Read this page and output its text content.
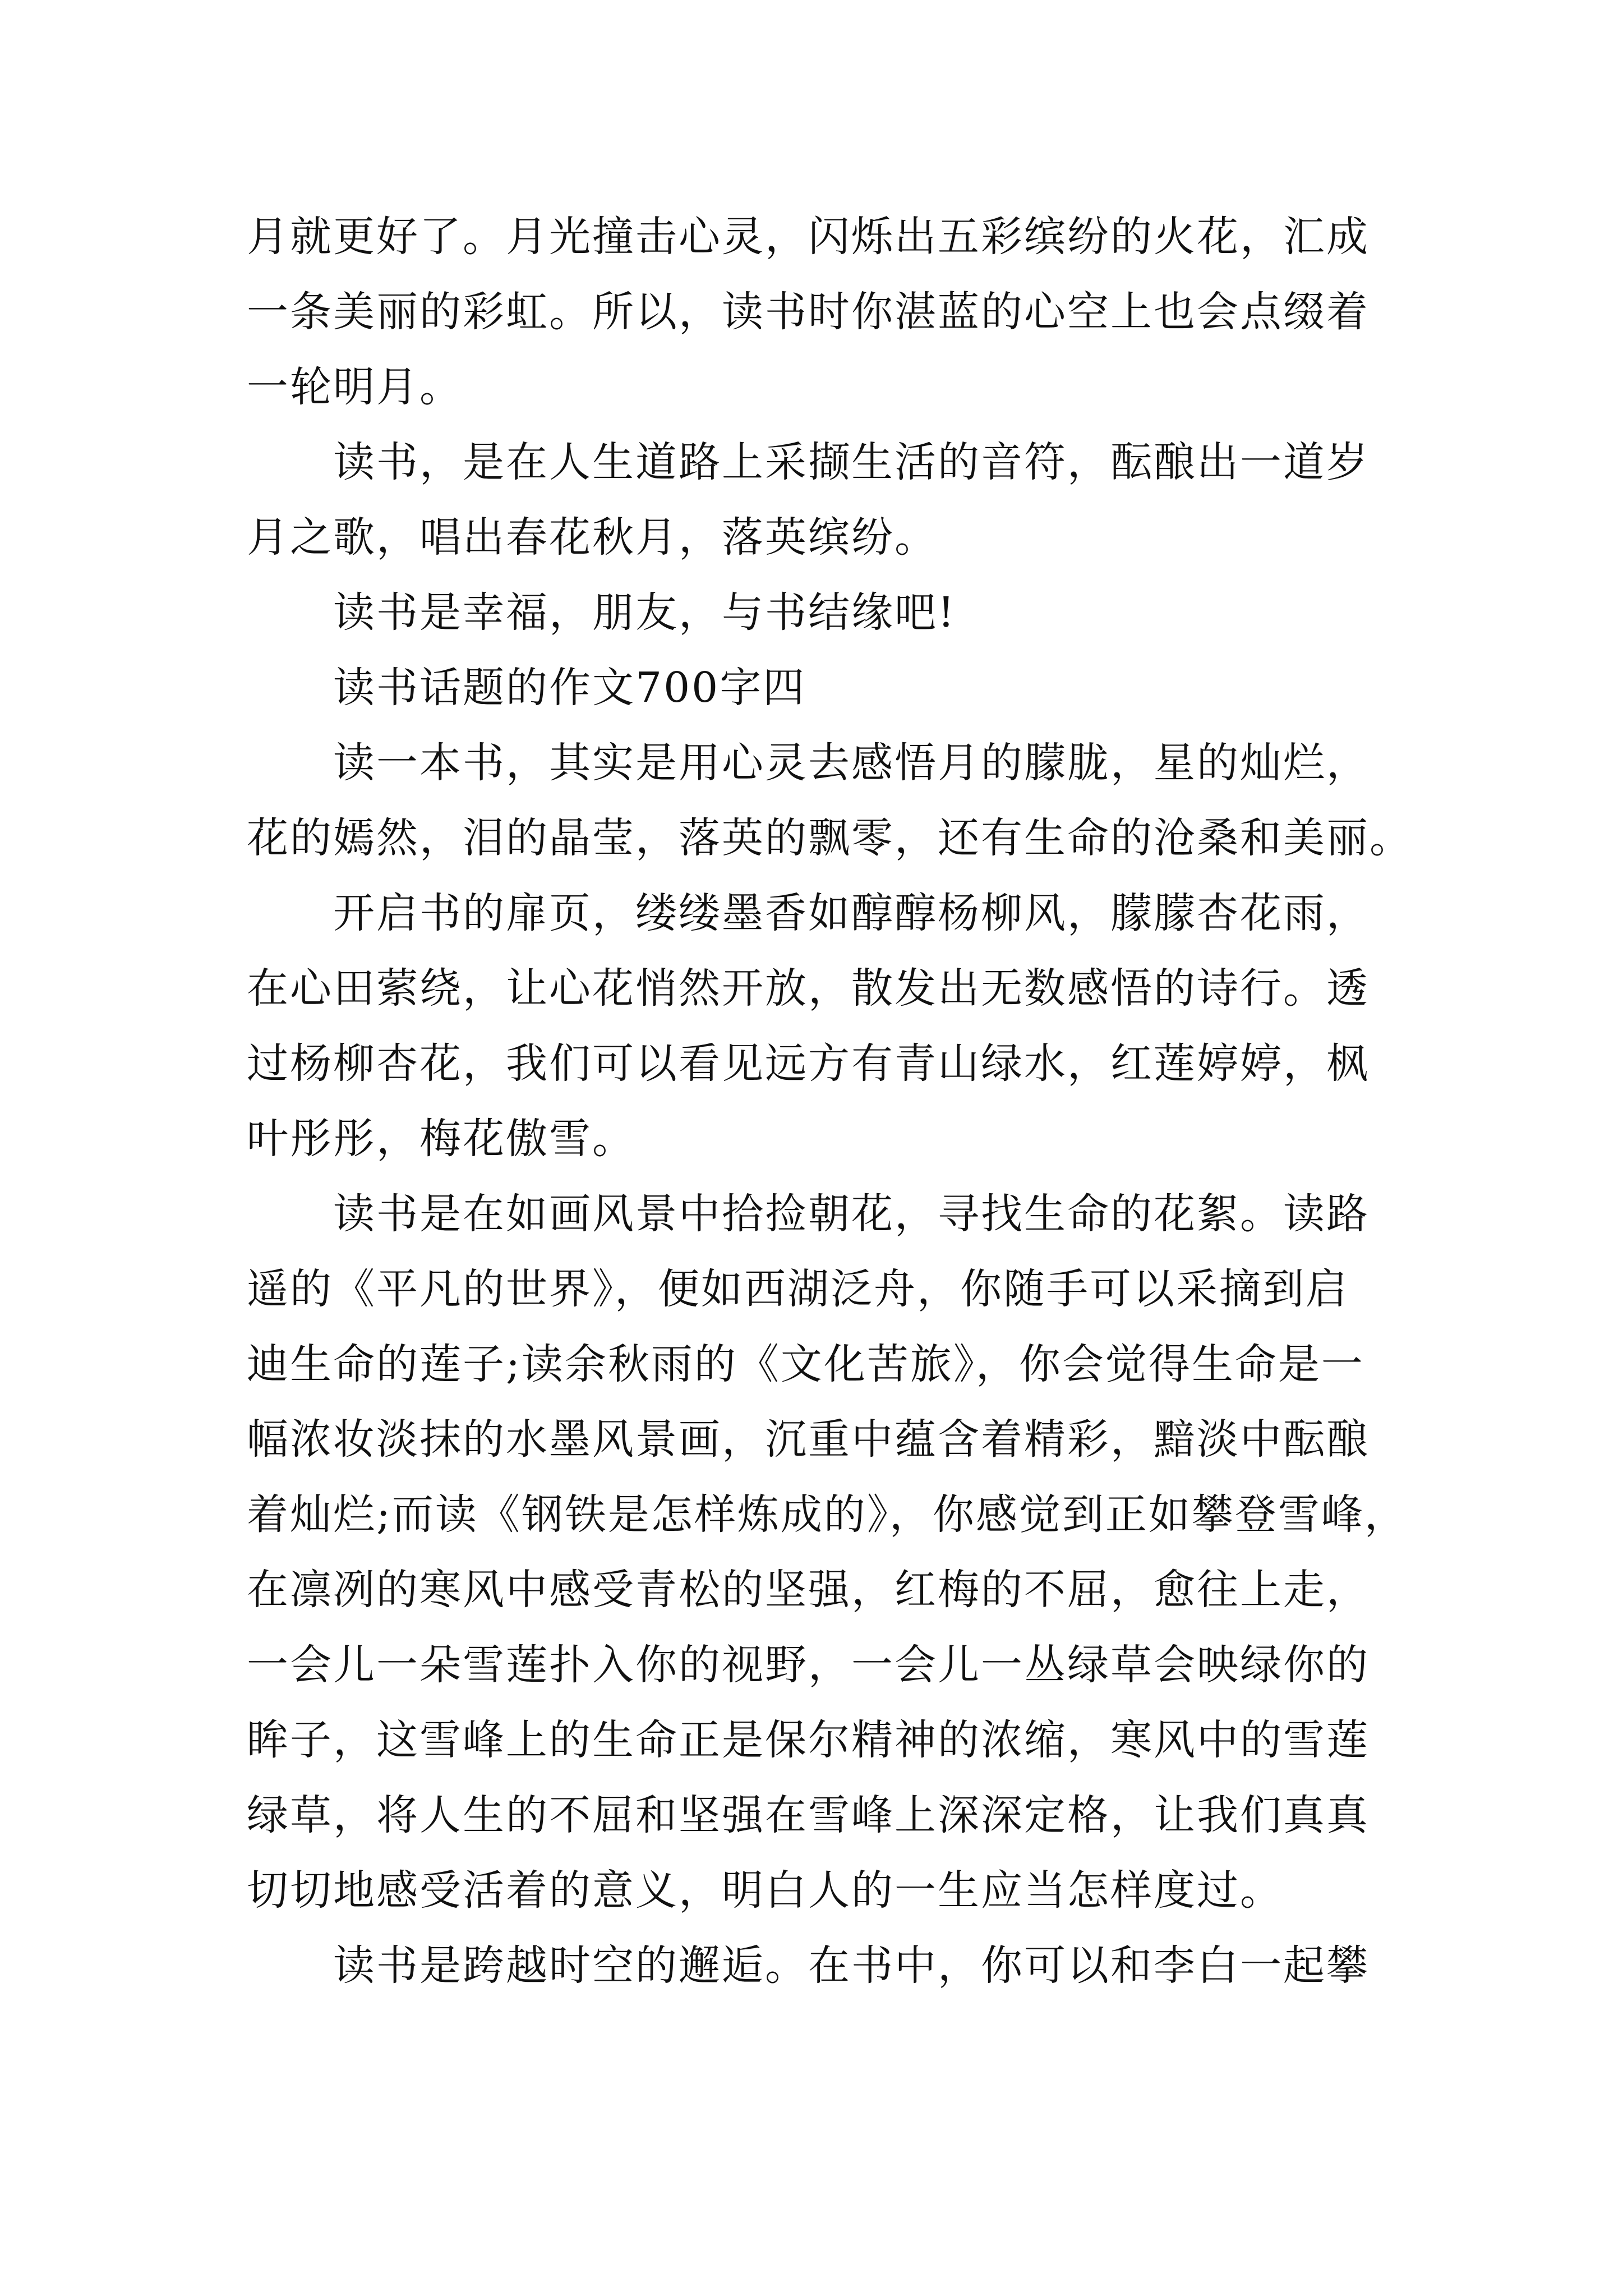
月就更好了。月光撞击心灵，闪烁出五彩缤纷的火花，汇成
一条美丽的彩虹。所以，读书时你湛蓝的心空上也会点缀着
一轮明月。
读书，是在人生道路上采撷生活的音符，酝酿出一道岁
月之歌，唱出春花秋月，落英缤纷。
读书是幸福，朋友，与书结缘吧!
读书话题的作文700字四
读一本书，其实是用心灵去感悟月的朦胧，星的灿烂，
花的嫣然，泪的晶莹，落英的飘零，还有生命的沧桑和美丽。
开启书的扉页，缕缕墨香如醇醇杨柳风，朦朦杏花雨，
在心田萦绕，让心花悄然开放，散发出无数感悟的诗行。透
过杨柳杏花，我们可以看见远方有青山绿水，红莲婷婷，枫
叶彤彤，梅花傲雪。
读书是在如画风景中拾捡朝花，寻找生命的花絮。读路
遥的《平凡的世界》，便如西湖泛舟，你随手可以采摘到启
迪生命的莲子;读余秋雨的《文化苦旅》，你会觉得生命是一
幅浓妆淡抹的水墨风景画，沉重中蕴含着精彩，黯淡中酝酿
着灿烂;而读《钢铁是怎样炼成的》，你感觉到正如攀登雪峰，
在凛冽的寒风中感受青松的坚强，红梅的不屈，愈往上走，
一会儿一朵雪莲扑入你的视野，一会儿一丛绿草会映绿你的
眸子，这雪峰上的生命正是保尔精神的浓缩，寒风中的雪莲
绿草，将人生的不屈和坚强在雪峰上深深定格，让我们真真
切切地感受活着的意义，明白人的一生应当怎样度过。
读书是跨越时空的邂逅。在书中，你可以和李白一起攀
